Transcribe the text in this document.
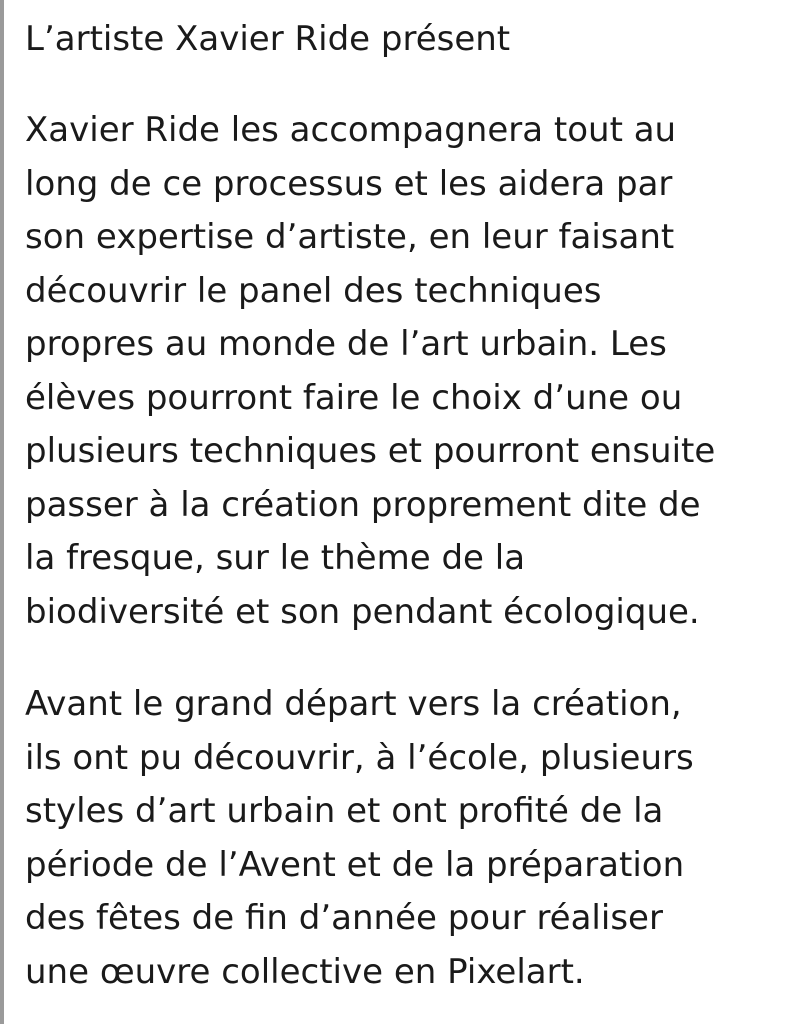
L’artiste Xavier Ride présent

Xavier Ride les accompagnera tout au
long de ce processus et les aidera par
son expertise d’artiste, en leur faisant
découvrir le panel des techniques
propres au monde de l’art urbain. Les
élèves pourront faire le choix d’une ou
plusieurs techniques et pourront ensuite
passer à la création proprement dite de
la fresque, sur le thème de la
biodiversité et son pendant écologique.

Avant le grand départ vers la création,
ils ont pu découvrir, à l’école, plusieurs
styles d’art urbain et ont profité de la
période de l’Avent et de la préparation
des fêtes de fin d’année pour réaliser
une œuvre collective en Pixelart.
